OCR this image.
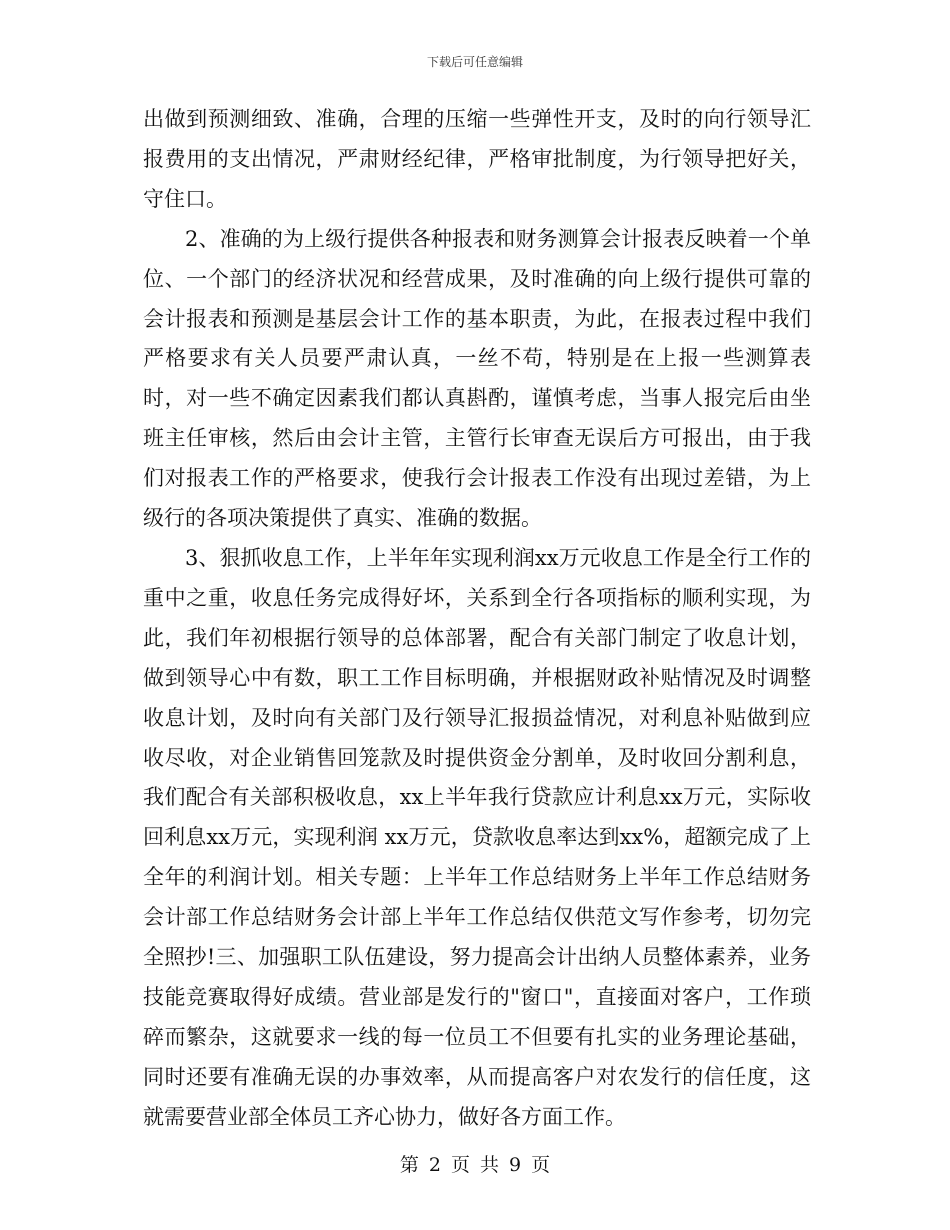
下载后可任意编辑

出做到预测细致、准确，合理的压缩一些弹性开支，及时的向行领导汇报费用的支出情况，严肃财经纪律，严格审批制度，为行领导把好关，守住口。

2、准确的为上级行提供各种报表和财务测算会计报表反映着一个单位、一个部门的经济状况和经营成果，及时准确的向上级行提供可靠的会计报表和预测是基层会计工作的基本职责，为此，在报表过程中我们严格要求有关人员要严肃认真，一丝不苟，特别是在上报一些测算表时，对一些不确定因素我们都认真斟酌，谨慎考虑，当事人报完后由坐班主任审核，然后由会计主管，主管行长审查无误后方可报出，由于我们对报表工作的严格要求，使我行会计报表工作没有出现过差错，为上级行的各项决策提供了真实、准确的数据。

3、狠抓收息工作，上半年年实现利润xx万元收息工作是全行工作的重中之重，收息任务完成得好坏，关系到全行各项指标的顺利实现，为此，我们年初根据行领导的总体部署，配合有关部门制定了收息计划，做到领导心中有数，职工工作目标明确，并根据财政补贴情况及时调整收息计划，及时向有关部门及行领导汇报损益情况，对利息补贴做到应收尽收，对企业销售回笼款及时提供资金分割单，及时收回分割利息，我们配合有关部积极收息，xx上半年我行贷款应计利息xx万元，实际收回利息xx万元，实现利润 xx万元，贷款收息率达到xx%，超额完成了上全年的利润计划。相关专题：上半年工作总结财务上半年工作总结财务会计部工作总结财务会计部上半年工作总结仅供范文写作参考，切勿完全照抄!三、加强职工队伍建设，努力提高会计出纳人员整体素养，业务技能竞赛取得好成绩。营业部是发行的"窗口"，直接面对客户，工作琐碎而繁杂，这就要求一线的每一位员工不但要有扎实的业务理论基础，同时还要有准确无误的办事效率，从而提高客户对农发行的信任度，这就需要营业部全体员工齐心协力，做好各方面工作。

第 2 页 共 9 页
